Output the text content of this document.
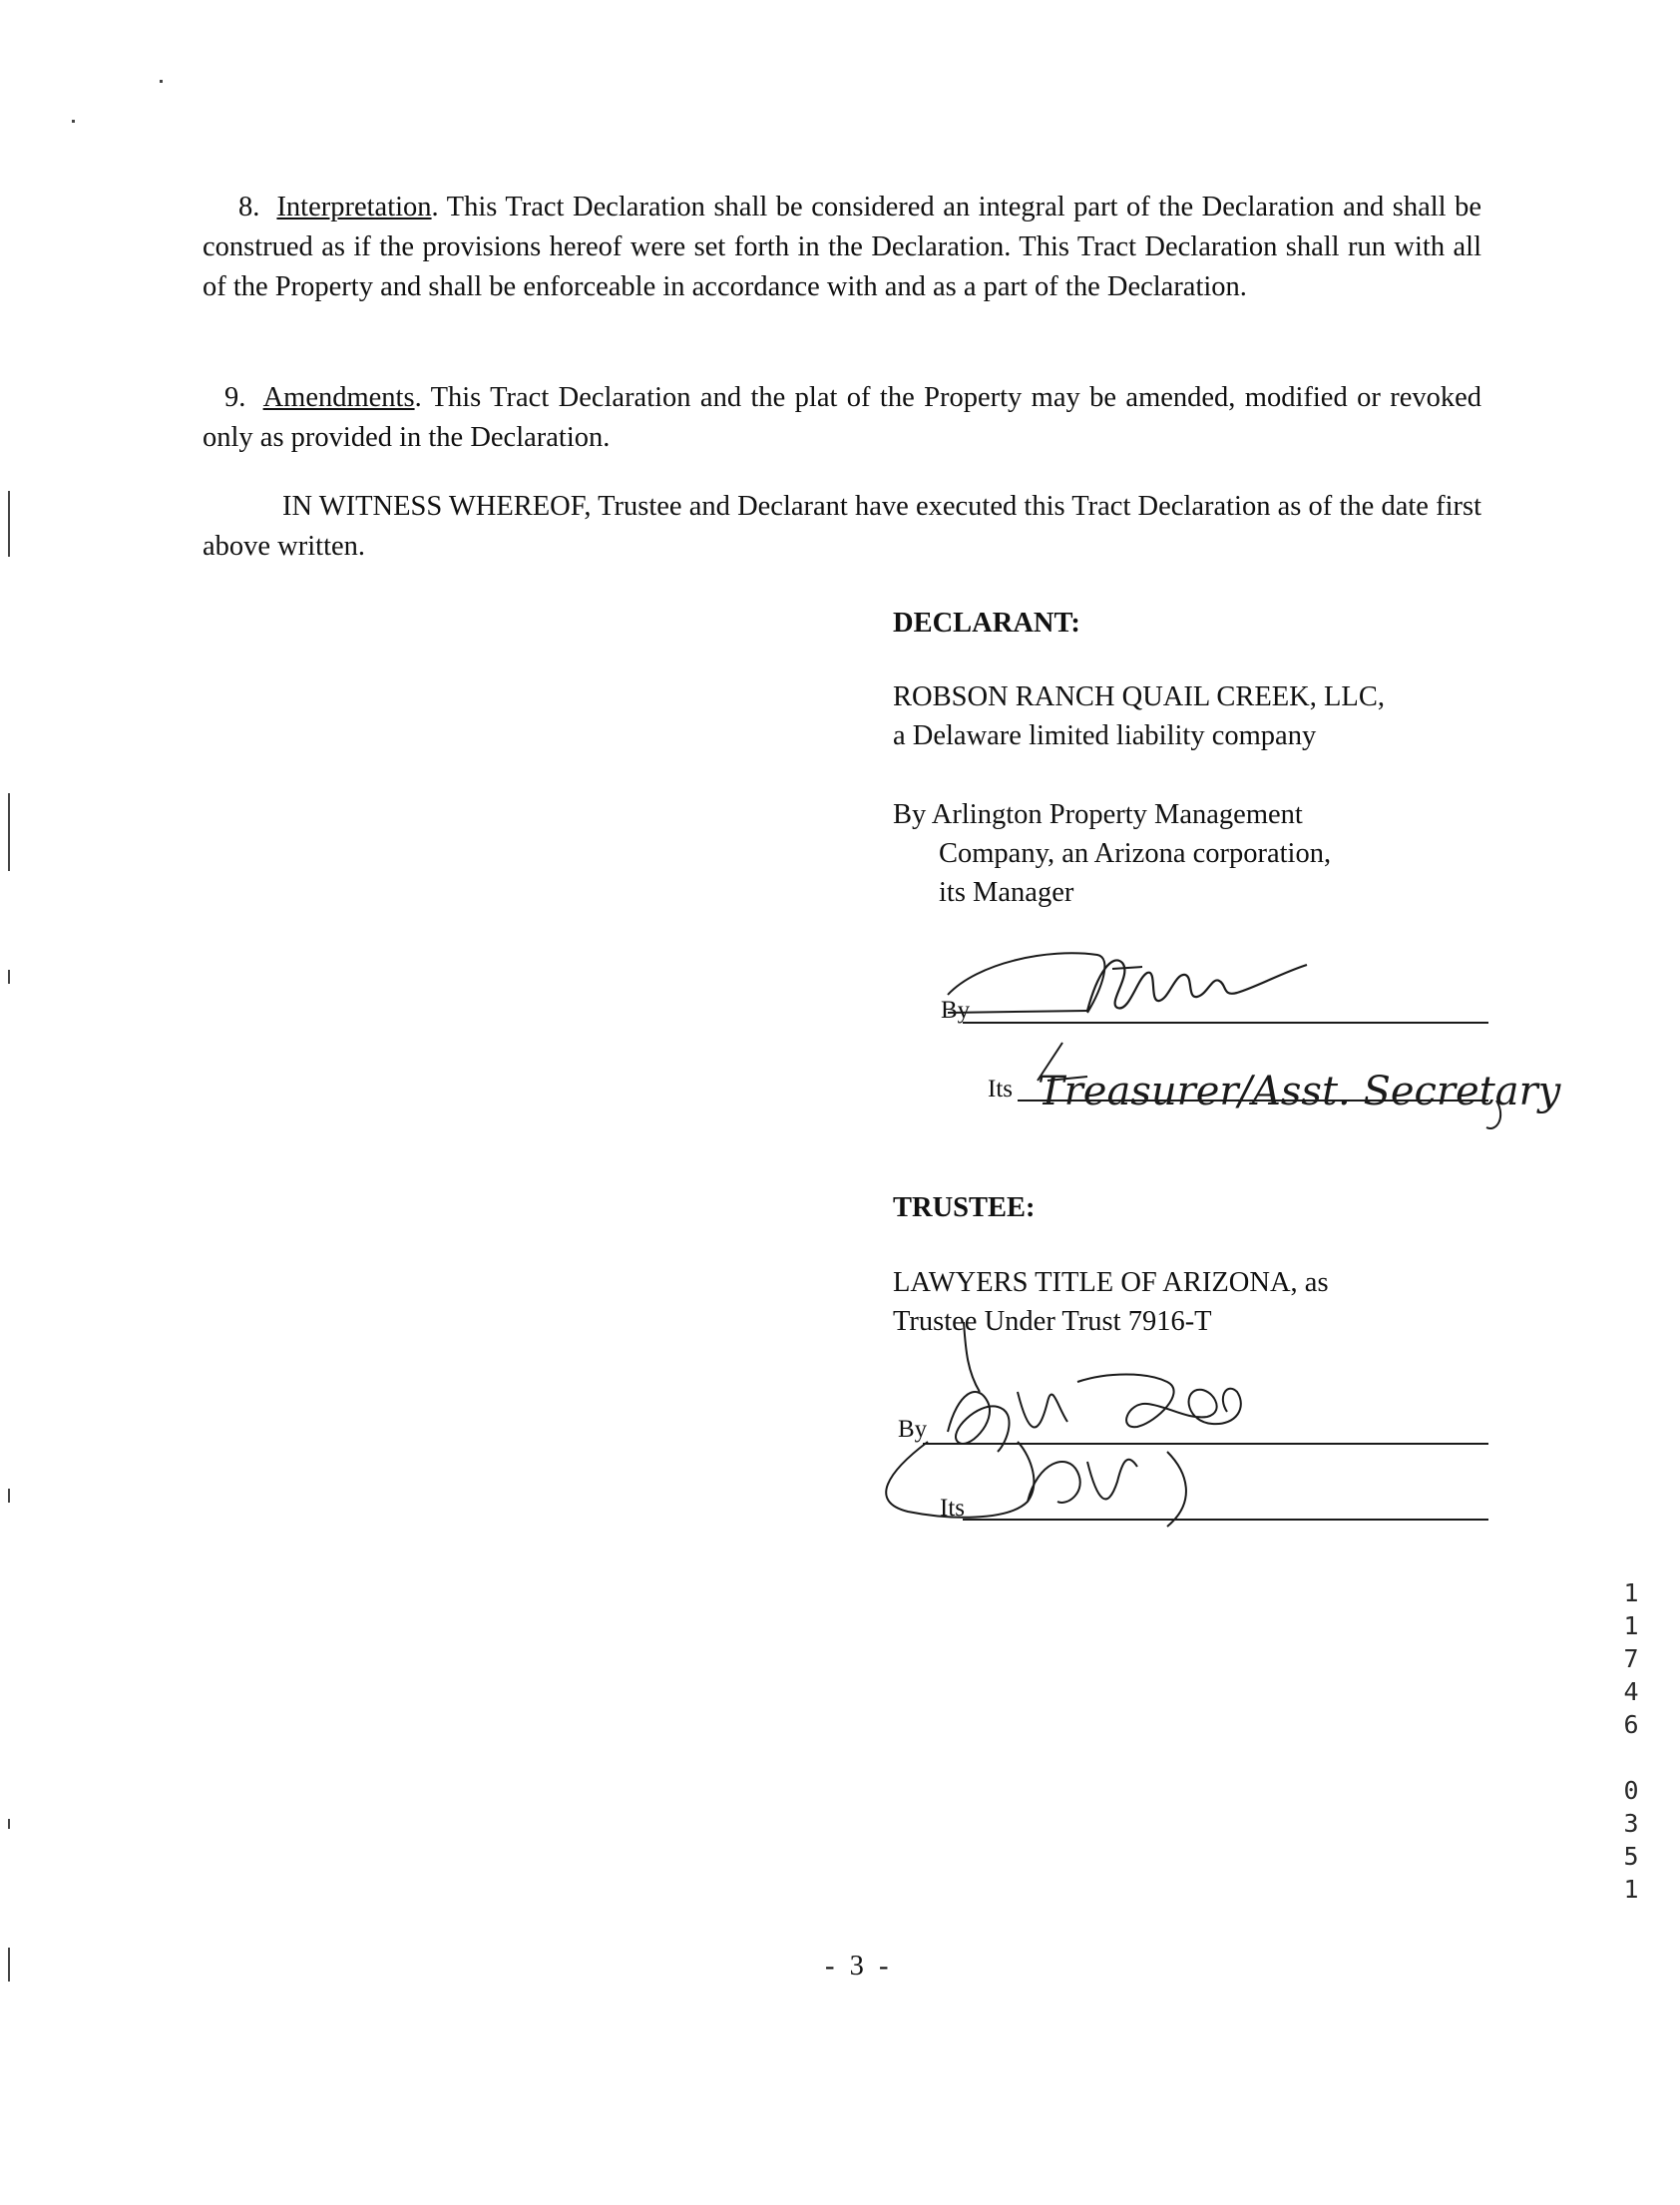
8. Interpretation. This Tract Declaration shall be considered an integral part of the Declaration and shall be construed as if the provisions hereof were set forth in the Declaration. This Tract Declaration shall run with all of the Property and shall be enforceable in accordance with and as a part of the Declaration.

9. Amendments. This Tract Declaration and the plat of the Property may be amended, modified or revoked only as provided in the Declaration.

IN WITNESS WHEREOF, Trustee and Declarant have executed this Tract Declaration as of the date first above written.

DECLARANT:

ROBSON RANCH QUAIL CREEK, LLC,
a Delaware limited liability company

By Arlington Property Management
Company, an Arizona corporation,
its Manager

By
Its Treasurer/Asst. Secretary

TRUSTEE:

LAWYERS TITLE OF ARIZONA, as
Trustee Under Trust 7916-T

By
Its
- 3 -
1
1
7
4
6
0
3
5
1
